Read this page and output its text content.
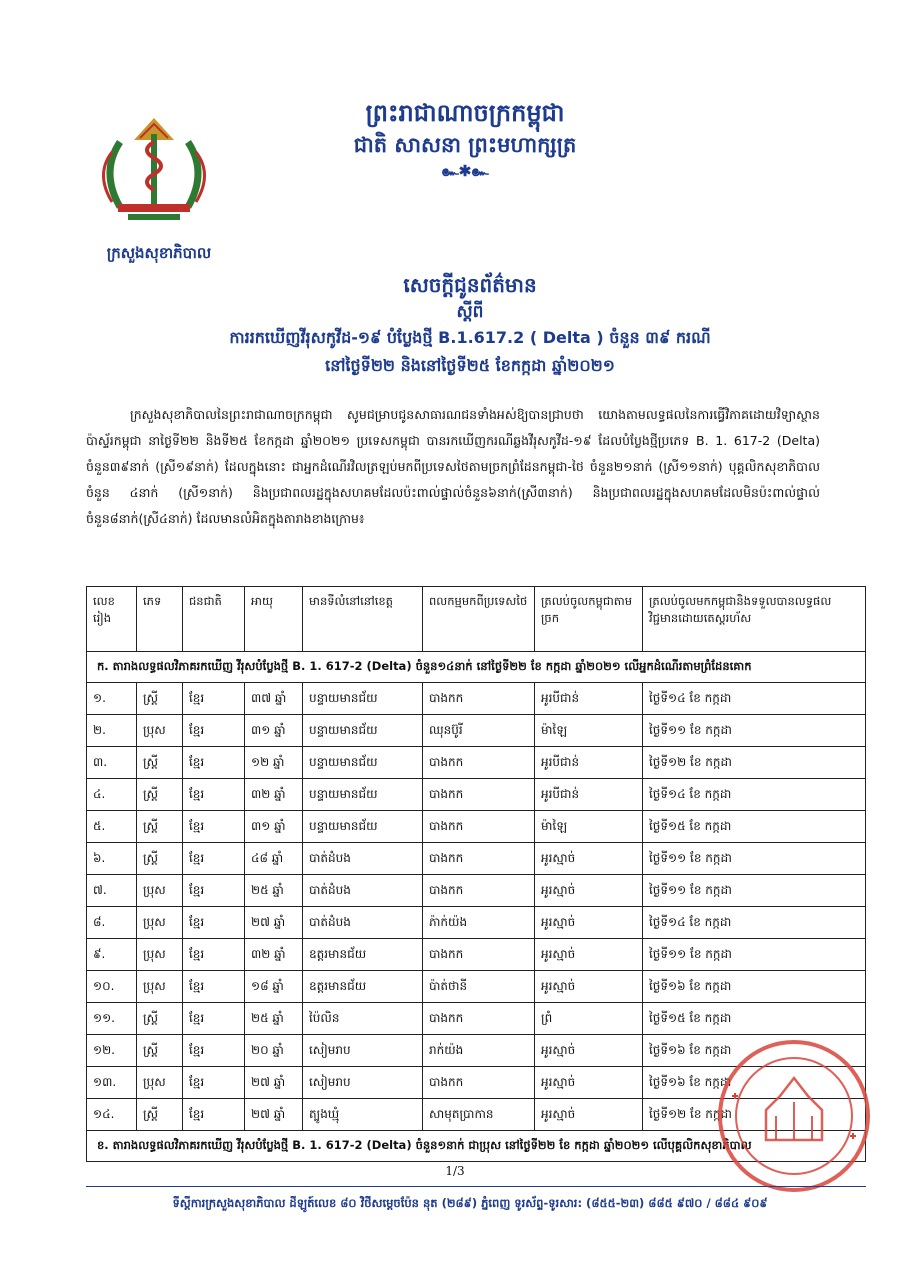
ព្រះរាជាណាចក្រកម្ពុជា
ជាតិ សាសនា ព្រះមហាក្សត្រ
๛✱๛
ក្រសួងសុខាភិបាល
សេចក្តីជូនព័ត៌មាន
ស្តីពី
ការរកឃើញវីរុសកូវីដ-១៩ បំប្លែងថ្មី B.1.617.2 ( Delta ) ចំនួន ៣៩ ករណី
នៅថ្ងៃទី២២ និងនៅថ្ងៃទី២៥ ខែកក្កដា ឆ្នាំ២០២១
ក្រសួងសុខាភិបាលនៃព្រះរាជាណាចក្រកម្ពុជា សូមជម្រាបជូនសាធារណជនទាំងអស់ឱ្យបានជ្រាបថា យោងតាមលទ្ធផលនៃការធ្វើវិភាគដោយវិទ្យាស្ថានប៉ាស្ទ័រកម្ពុជា នាថ្ងៃទី២២ និងទី២៥ ខែកក្កដា ឆ្នាំ២០២១ ប្រទេសកម្ពុជា បានរកឃើញករណីឆ្លងវីរុសកូវីដ-១៩ ដែលបំប្លែងថ្មីប្រភេទ B. 1. 617-2 (Delta) ចំនួន៣៩នាក់ (ស្រី១៩នាក់) ដែលក្នុងនោះ ជាអ្នកដំណើរវិលត្រឡប់មកពីប្រទេសថៃតាមច្រកព្រំដែនកម្ពុជា-ថៃ ចំនួន២១នាក់ (ស្រី១១នាក់) បុគ្គលិកសុខាភិបាល ចំនួន ៤នាក់ (ស្រី១នាក់) និងប្រជាពលរដ្ឋក្នុងសហគមដែលប៉ះពាល់ផ្ទាល់ចំនួន៦នាក់(ស្រី៣នាក់) និងប្រជាពលរដ្ឋក្នុងសហគមដែលមិនប៉ះពាល់ផ្ទាល់ចំនួន៨នាក់(ស្រី៤នាក់) ដែលមានលំអិតក្នុងតារាងខាងក្រោម៖
លេខរៀង	ភេទ	ជនជាតិ	អាយុ	មានទីលំនៅនៅខេត្ត	ពលកម្មមកពីប្រទេសថៃ	ត្រលប់ចូលកម្ពុជាតាមច្រក	ត្រលប់ចូលមកកម្ពុជានិងទទួលបានលទ្ធផលវិជ្ជមានដោយតេស្តរហ័ស
ក. តារាងលទ្ធផលវិភាគរកឃើញ វីរុសបំប្លែងថ្មី B. 1. 617-2 (Delta) ចំនួន១៤នាក់ នៅថ្ងៃទី២២ ខែ កក្កដា ឆ្នាំ២០២១ លើអ្នកដំណើរតាមព្រំដែនគោក							
១.	ស្ត្រី	ខ្មែរ	៣៧ ឆ្នាំ	បន្ទាយមានជ័យ	បាងកក	អូរបីជាន់	ថ្ងៃទី១៤ ខែ កក្កដា
២.	ប្រុស	ខ្មែរ	៣១ ឆ្នាំ	បន្ទាយមានជ័យ	ឈុនប៊ូរី	ម៉ាឡៃ	ថ្ងៃទី១១ ខែ កក្កដា
៣.	ស្ត្រី	ខ្មែរ	១២ ឆ្នាំ	បន្ទាយមានជ័យ	បាងកក	អូរបីជាន់	ថ្ងៃទី១២ ខែ កក្កដា
៤.	ស្ត្រី	ខ្មែរ	៣២ ឆ្នាំ	បន្ទាយមានជ័យ	បាងកក	អូរបីជាន់	ថ្ងៃទី១៤ ខែ កក្កដា
៥.	ស្ត្រី	ខ្មែរ	៣១ ឆ្នាំ	បន្ទាយមានជ័យ	បាងកក	ម៉ាឡៃ	ថ្ងៃទី១៥ ខែ កក្កដា
៦.	ស្ត្រី	ខ្មែរ	៤៨ ឆ្នាំ	បាត់ដំបង	បាងកក	អូរស្មាច់	ថ្ងៃទី១១ ខែ កក្កដា
៧.	ប្រុស	ខ្មែរ	២៥ ឆ្នាំ	បាត់ដំបង	បាងកក	អូរស្មាច់	ថ្ងៃទី១១ ខែ កក្កដា
៨.	ប្រុស	ខ្មែរ	២៧ ឆ្នាំ	បាត់ដំបង	ភ៉ាក់យ៉ង	អូរស្មាច់	ថ្ងៃទី១៤ ខែ កក្កដា
៩.	ប្រុស	ខ្មែរ	៣២ ឆ្នាំ	ឧត្តរមានជ័យ	បាងកក	អូរស្មាច់	ថ្ងៃទី១១ ខែ កក្កដា
១០.	ប្រុស	ខ្មែរ	១៨ ឆ្នាំ	ឧត្តរមានជ័យ	ប៉ាត់ថានី	អូរស្មាច់	ថ្ងៃទី១៦ ខែ កក្កដា
១១.	ស្ត្រី	ខ្មែរ	២៥ ឆ្នាំ	ប៉ៃលិន	បាងកក	ព្រំ	ថ្ងៃទី១៥ ខែ កក្កដា
១២.	ស្ត្រី	ខ្មែរ	២០ ឆ្នាំ	សៀមរាប	រាក់យ៉ង	អូរស្មាច់	ថ្ងៃទី១៦ ខែ កក្កដា
១៣.	ប្រុស	ខ្មែរ	២៧ ឆ្នាំ	សៀមរាប	បាងកក	អូរស្មាច់	ថ្ងៃទី១៦ ខែ កក្កដា
១៤.	ស្ត្រី	ខ្មែរ	២៧ ឆ្នាំ	ត្បូងឃ្មុំ	សាមុតប្រាកាន	អូរស្មាច់	ថ្ងៃទី១២ ខែ កក្កដា
ខ. តារាងលទ្ធផលវិភាគរកឃើញ វីរុសបំប្លែងថ្មី B. 1. 617-2 (Delta) ចំនួន១នាក់ ជាប្រុស នៅថ្ងៃទី២២ ខែ កក្កដា ឆ្នាំ២០២១ លើបុគ្គលិកសុខាភិបាល							
1/3
ទីស្តីការក្រសួងសុខាភិបាល ដីឡូត៍លេខ ៨០ វិថីសម្តេចប៉ែន នុត (២៨៩) ភ្នំពេញ ទូរស័ព្ទ-ទូរសារ: (៨៥៥-២៣) ៨៨៥ ៩៧០ / ៨៨៤ ៩០៩
